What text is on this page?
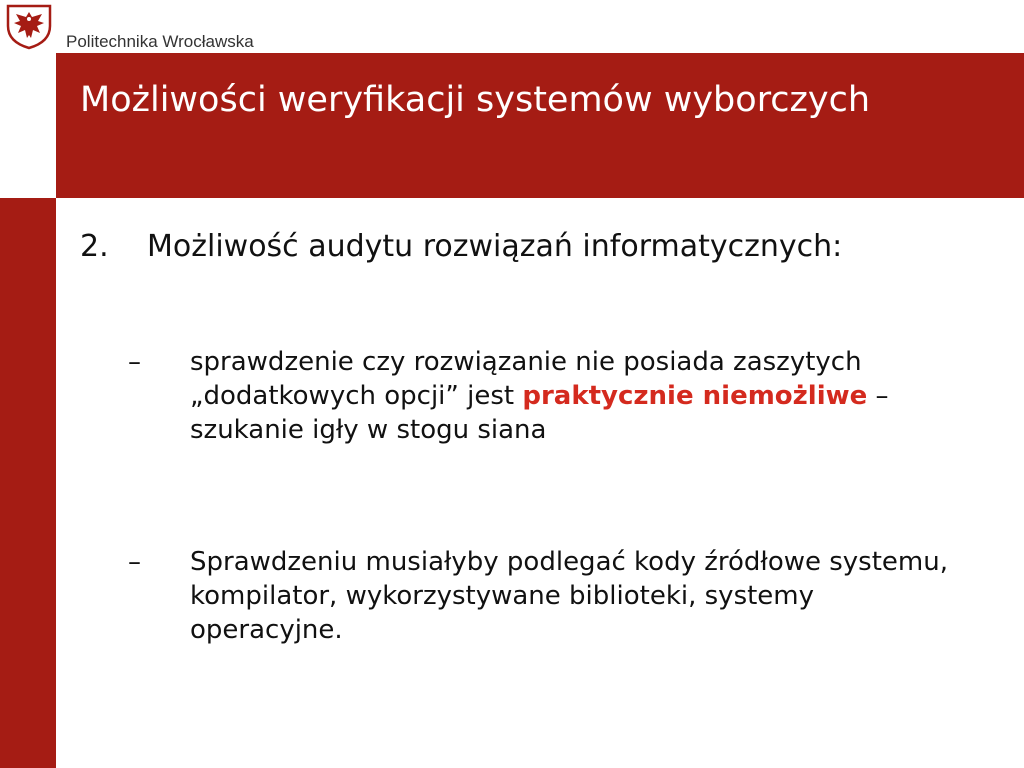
Politechnika Wrocławska
Możliwości weryfikacji systemów wyborczych
2. Możliwość audytu rozwiązań informatycznych:
– sprawdzenie czy rozwiązanie nie posiada zaszytych „dodatkowych opcji” jest praktycznie niemożliwe – szukanie igły w stogu siana
– Sprawdzeniu musiałyby podlegać kody źródłowe systemu, kompilator, wykorzystywane biblioteki, systemy operacyjne.
